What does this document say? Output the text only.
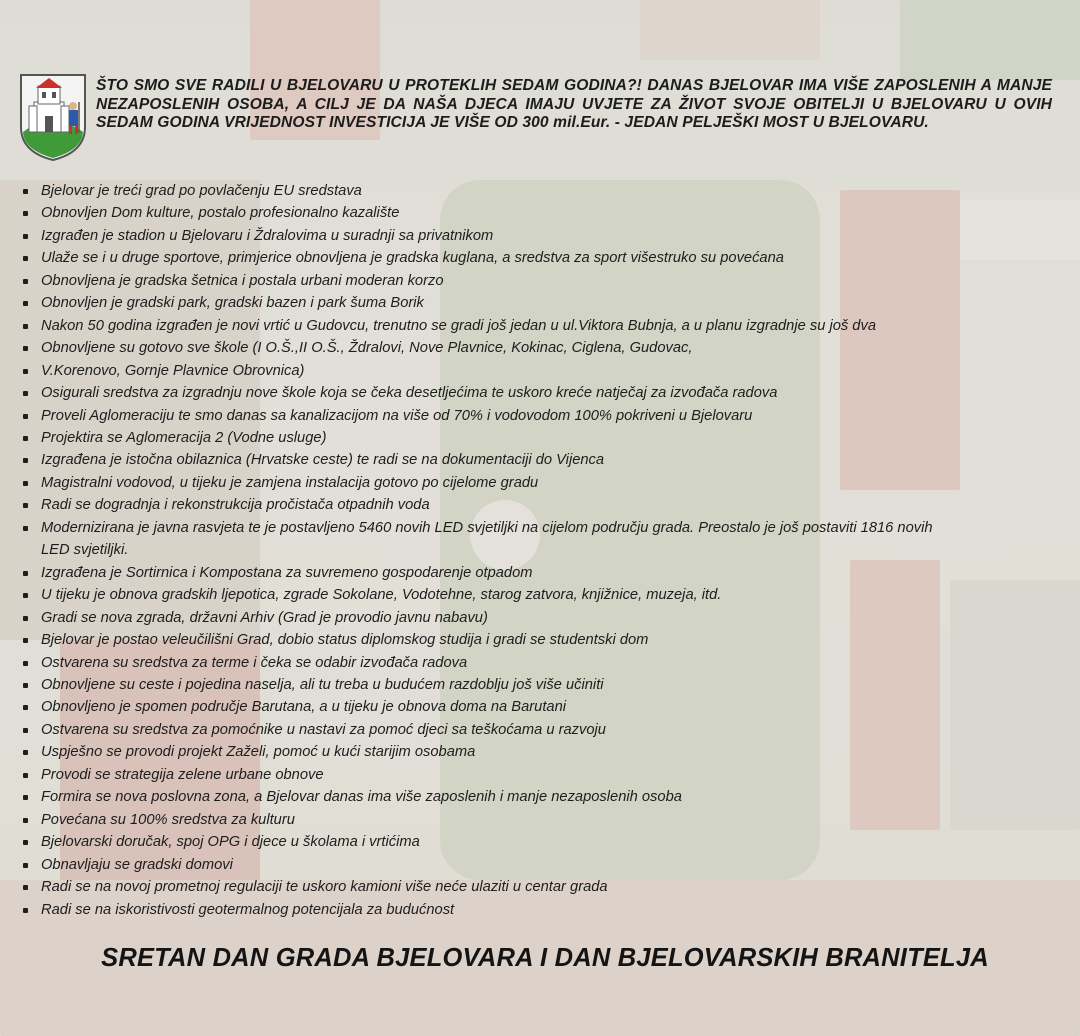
ŠTO SMO SVE RADILI U BJELOVARU U PROTEKLIH SEDAM GODINA?! DANAS BJELOVAR IMA VIŠE ZAPOSLENIH A MANJE NEZAPOSLENIH OSOBA, A CILJ JE DA NAŠA DJECA IMAJU UVJETE ZA ŽIVOT SVOJE OBITELJI U BJELOVARU U OVIH SEDAM GODINA VRIJEDNOST INVESTICIJA JE VIŠE OD 300 mil.Eur. - JEDAN PELJEŠKI MOST U BJELOVARU.

Bjelovar je treći grad po povlačenju EU sredstava
Obnovljen Dom kulture, postalo profesionalno kazalište
Izgrađen je stadion u Bjelovaru i Ždralovima u suradnji sa privatnikom
Ulaže se i u druge sportove, primjerice obnovljena je gradska kuglana, a sredstva za sport višestruko su povećana
Obnovljena je gradska šetnica i postala urbani moderan korzo
Obnovljen je gradski park, gradski bazen i park šuma Borik
Nakon 50 godina izgrađen je novi vrtić u Gudovcu, trenutno se gradi još jedan u ul.Viktora Bubnja, a u planu izgradnje su još dva
Obnovljene su gotovo sve škole (I O.Š.,II O.Š., Ždralovi, Nove Plavnice, Kokinac, Ciglena, Gudovac,
V.Korenovo, Gornje Plavnice Obrovnica)
Osigurali sredstva za izgradnju nove škole koja se čeka desetljećima te uskoro kreće natječaj za izvođača radova
Proveli Aglomeraciju te smo danas sa kanalizacijom na više od 70% i vodovodom 100% pokriveni u Bjelovaru
Projektira se Aglomeracija 2 (Vodne usluge)
Izgrađena je istočna obilaznica (Hrvatske ceste) te radi se na dokumentaciji do Vijenca
Magistralni vodovod, u tijeku je zamjena instalacija gotovo po cijelome gradu
Radi se dogradnja i rekonstrukcija pročistača otpadnih voda
Modernizirana je javna rasvjeta te je postavljeno 5460 novih LED svjetiljki na cijelom području grada. Preostalo je još postaviti 1816 novih
LED svjetiljki.
Izgrađena je Sortirnica i Kompostana za suvremeno gospodarenje otpadom
U tijeku je obnova gradskih ljepotica, zgrade Sokolane, Vodotehne, starog zatvora, knjižnice, muzeja, itd.
Gradi se nova zgrada, državni Arhiv (Grad je provodio javnu nabavu)
Bjelovar je postao veleučilišni Grad, dobio status diplomskog studija i gradi se studentski dom
Ostvarena su sredstva za terme i čeka se odabir izvođača radova
Obnovljene su ceste i pojedina naselja, ali tu treba u budućem razdoblju još više učiniti
Obnovljeno je spomen područje Barutana, a u tijeku je obnova doma na Barutani
Ostvarena su sredstva za pomoćnike u nastavi za pomoć djeci sa teškoćama u razvoju
Uspješno se provodi projekt Zaželi, pomoć u kući starijim osobama
Provodi se strategija zelene urbane obnove
Formira se nova poslovna zona, a Bjelovar danas ima više zaposlenih i manje nezaposlenih osoba
Povećana su 100% sredstva za kulturu
Bjelovarski doručak, spoj OPG i djece u školama i vrtićima
Obnavljaju se gradski domovi
Radi se na novoj prometnoj regulaciji te uskoro kamioni više neće ulaziti u centar grada
Radi se na iskoristivosti geotermalnog potencijala za budućnost

SRETAN DAN GRADA BJELOVARA I DAN BJELOVARSKIH BRANITELJA
